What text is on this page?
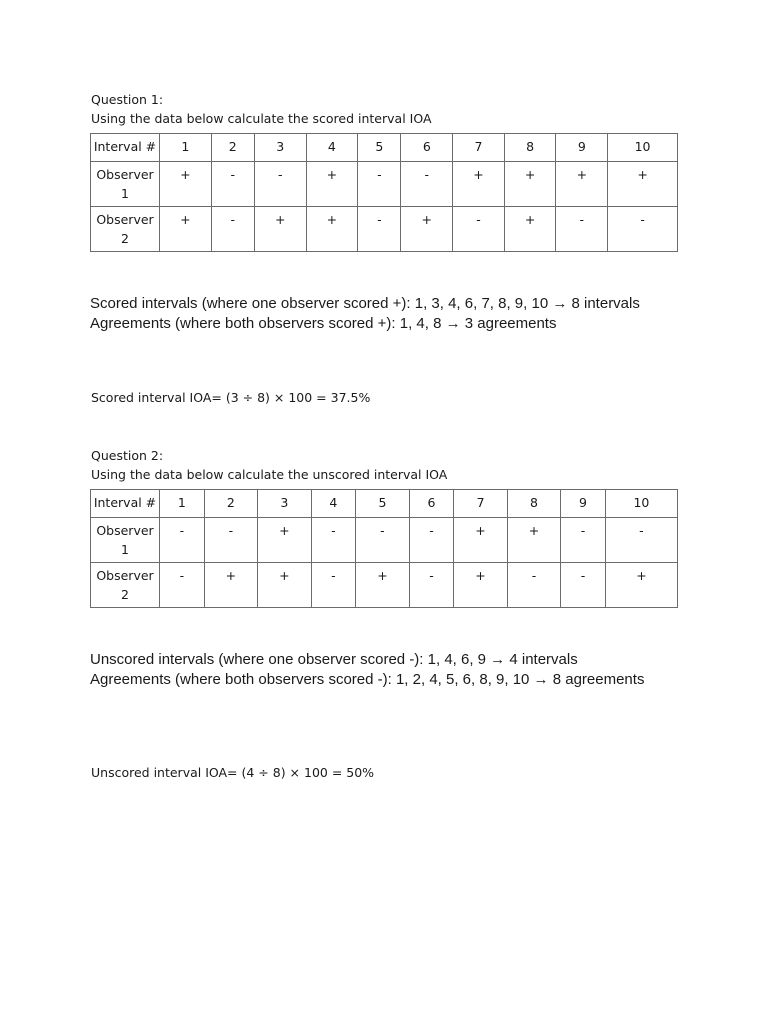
Question 1:
Using the data below calculate the scored interval IOA
Interval #	1	2	3	4	5	6	7	8	9	10

Observer
1	+	-	-	+	-	-	+	+	+	+

Observer
2	+	-	+	+	-	+	-	+	-	-
Scored intervals (where one observer scored +): 1, 3, 4, 6, 7, 8, 9, 10 → 8 intervals
Agreements (where both observers scored +): 1, 4, 8 → 3 agreements
Scored interval IOA= (3 ÷ 8) × 100 = 37.5%
Question 2:
Using the data below calculate the unscored interval IOA
Interval #	1	2	3	4	5	6	7	8	9	10

Observer
1	-	-	+	-	-	-	+	+	-	-

Observer
2	-	+	+	-	+	-	+	-	-	+
Unscored intervals (where one observer scored -): 1, 4, 6, 9 → 4 intervals
Agreements (where both observers scored -): 1, 2, 4, 5, 6, 8, 9, 10 → 8 agreements
Unscored interval IOA= (4 ÷ 8) × 100 = 50%
